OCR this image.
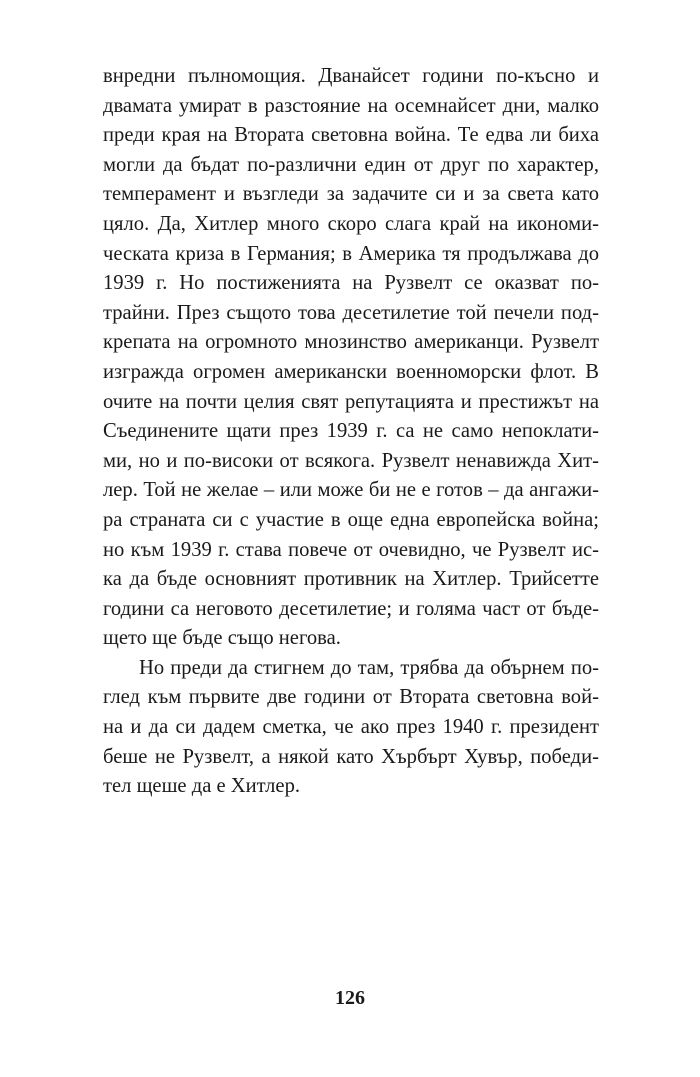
внредни пълномощия. Дванайсет години по-късно и
двамата умират в разстояние на осемнайсет дни, малко
преди края на Втората световна война. Те едва ли биха
могли да бъдат по-различни един от друг по характер,
темперамент и възгледи за задачите си и за света като
цяло. Да, Хитлер много скоро слага край на икономи-
ческата криза в Германия; в Америка тя продължава до
1939 г. Но постиженията на Рузвелт се оказват по-
трайни. През същото това десетилетие той печели под-
крепата на огромното мнозинство американци. Рузвелт
изгражда огромен американски военноморски флот. В
очите на почти целия свят репутацията и престижът на
Съединените щати през 1939 г. са не само непоклати-
ми, но и по-високи от всякога. Рузвелт ненавижда Хит-
лер. Той не желае – или може би не е готов – да ангажи-
ра страната си с участие в още една европейска война;
но към 1939 г. става повече от очевидно, че Рузвелт ис-
ка да бъде основният противник на Хитлер. Трийсетте
години са неговото десетилетие; и голяма част от бъде-
щето ще бъде също негова.
Но преди да стигнем до там, трябва да обърнем по-
глед към първите две години от Втората световна вой-
на и да си дадем сметка, че ако през 1940 г. президент
беше не Рузвелт, а някой като Хърбърт Хувър, победи-
тел щеше да е Хитлер.
126
